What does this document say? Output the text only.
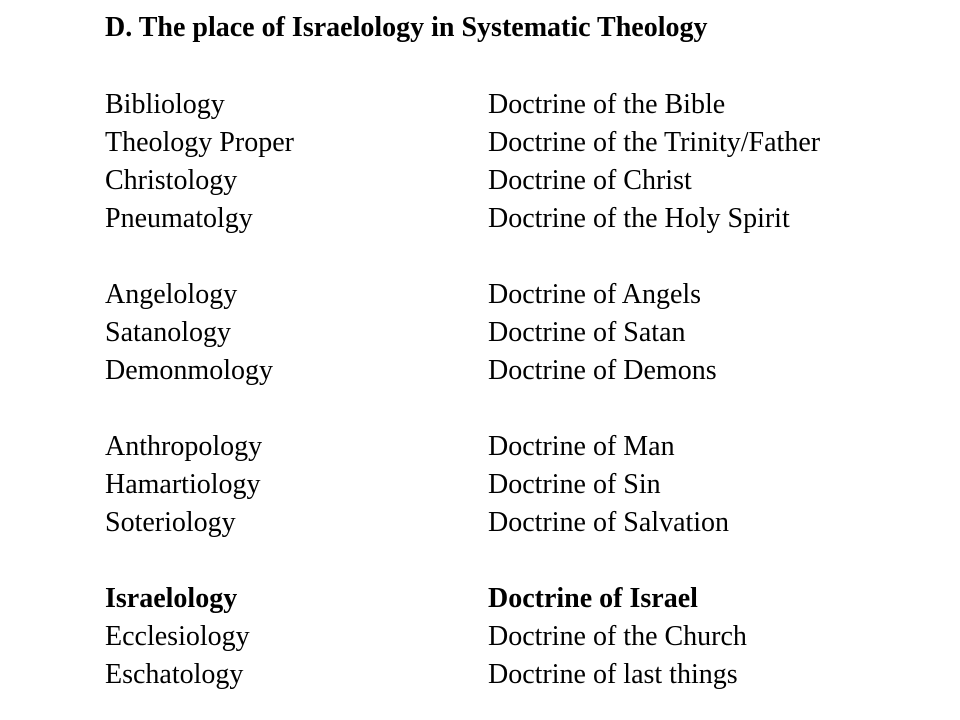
D. The place of Israelology in Systematic Theology
Bibliology	Doctrine of the Bible
Theology Proper	Doctrine of the Trinity/Father
Christology	Doctrine of Christ
Pneumatolgy	Doctrine of the Holy Spirit
Angelology	Doctrine of Angels
Satanology	Doctrine of Satan
Demonmology	Doctrine of Demons
Anthropology	Doctrine of Man
Hamartiology	Doctrine of Sin
Soteriology	Doctrine of Salvation
Israelology	Doctrine of Israel
Ecclesiology	Doctrine of the Church
Eschatology	Doctrine of last things
